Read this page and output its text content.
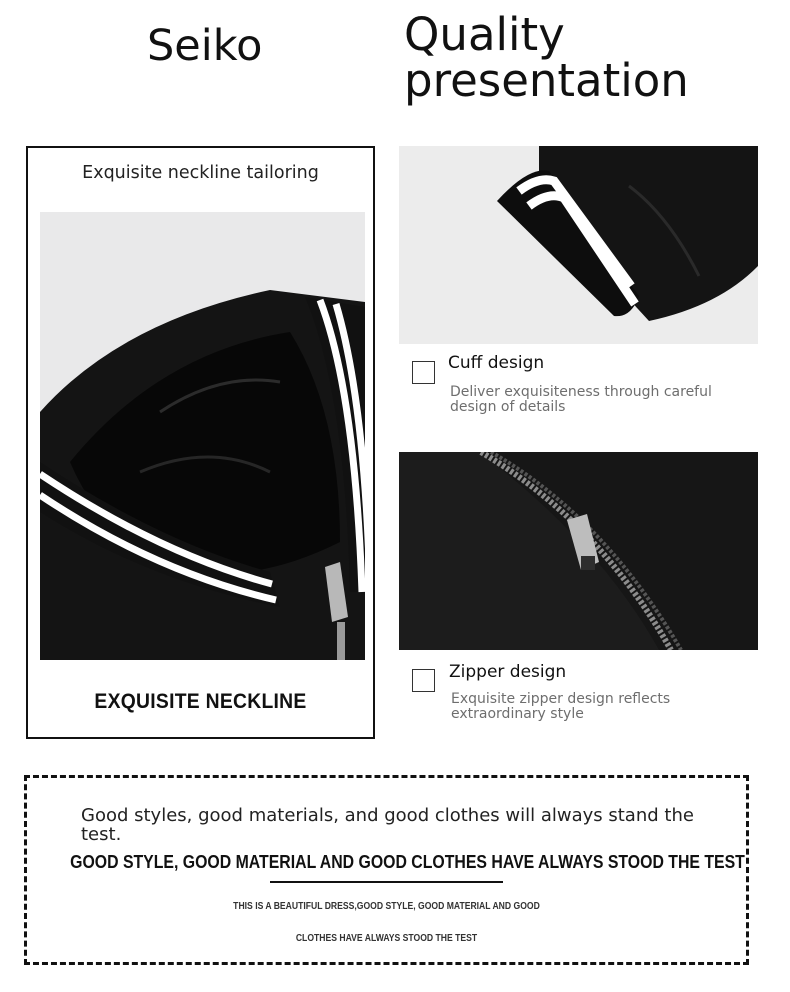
Seiko	Quality
presentation
Exquisite neckline tailoring
EXQUISITE NECKLINE
Cuff design
Deliver exquisiteness through careful
design of details
Zipper design
Exquisite zipper design reflects
extraordinary style
Good styles, good materials, and good clothes will always stand the test.
GOOD STYLE, GOOD MATERIAL AND GOOD CLOTHES HAVE ALWAYS STOOD THE TEST
THIS IS A BEAUTIFUL DRESS,GOOD STYLE, GOOD MATERIAL AND GOOD
CLOTHES HAVE ALWAYS STOOD THE TEST
